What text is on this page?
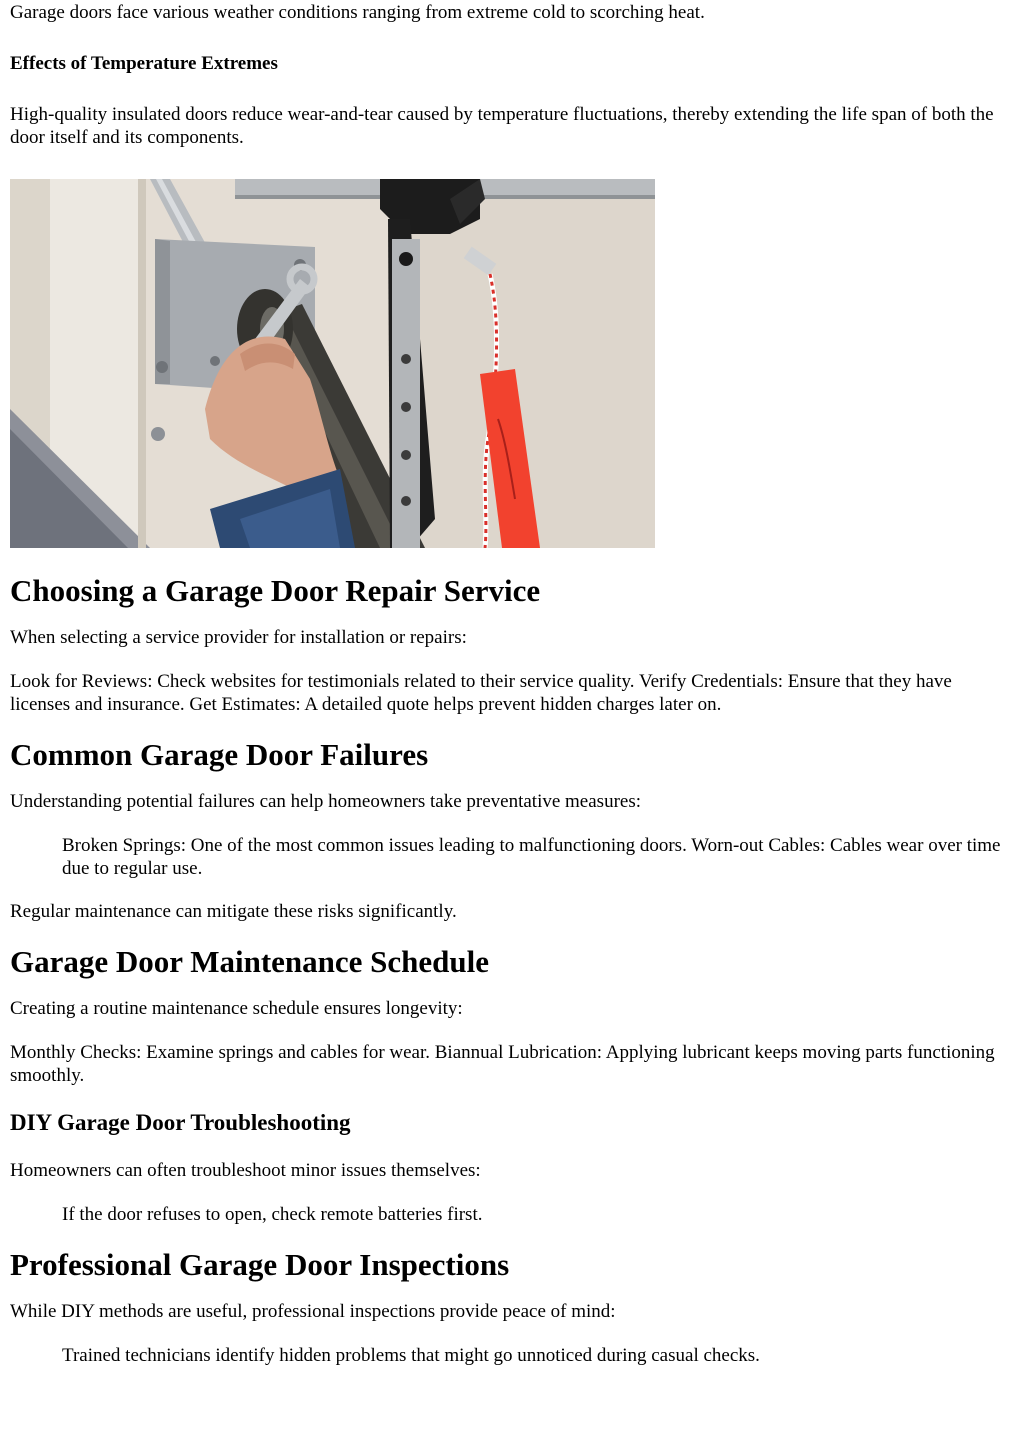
Garage doors face various weather conditions ranging from extreme cold to scorching heat.

Effects of Temperature Extremes

High-quality insulated doors reduce wear-and-tear caused by temperature fluctuations, thereby extending the life span of both the door itself and its components.

Choosing a Garage Door Repair Service

When selecting a service provider for installation or repairs:

Look for Reviews: Check websites for testimonials related to their service quality. Verify Credentials: Ensure that they have licenses and insurance. Get Estimates: A detailed quote helps prevent hidden charges later on.

Common Garage Door Failures

Understanding potential failures can help homeowners take preventative measures:

Broken Springs: One of the most common issues leading to malfunctioning doors. Worn-out Cables: Cables wear over time due to regular use.

Regular maintenance can mitigate these risks significantly.

Garage Door Maintenance Schedule

Creating a routine maintenance schedule ensures longevity:

Monthly Checks: Examine springs and cables for wear. Biannual Lubrication: Applying lubricant keeps moving parts functioning smoothly.

DIY Garage Door Troubleshooting

Homeowners can often troubleshoot minor issues themselves:

If the door refuses to open, check remote batteries first.
Professional Garage Door Inspections

While DIY methods are useful, professional inspections provide peace of mind:

Trained technicians identify hidden problems that might go unnoticed during casual checks.
